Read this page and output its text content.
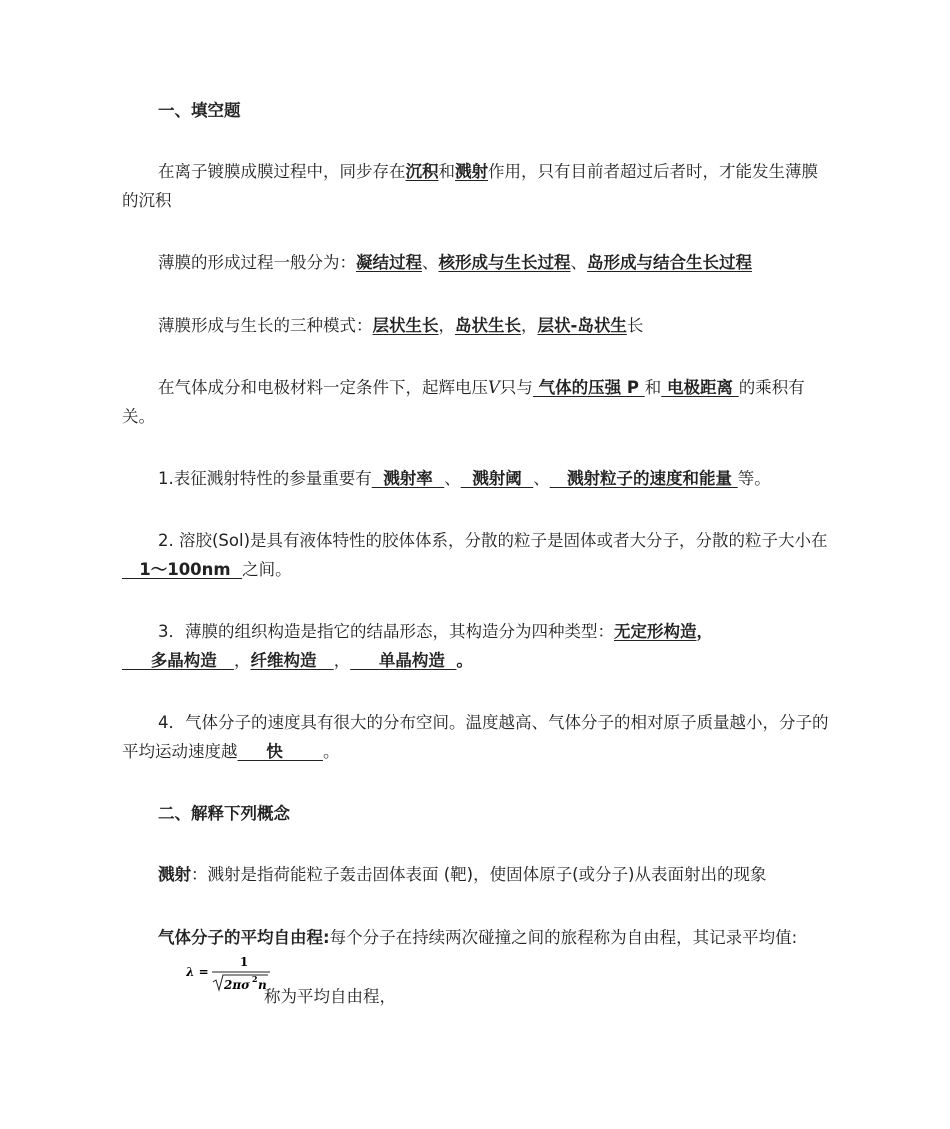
一、填空题
在离子镀膜成膜过程中，同步存在沉积和溅射作用，只有目前者超过后者时，才能发生薄膜的沉积
薄膜的形成过程一般分为：凝结过程、核形成与生长过程、岛形成与结合生长过程
薄膜形成与生长的三种模式：层状生长，岛状生长，层状-岛状生长
在气体成分和电极材料一定条件下，起辉电压V只与 气体的压强 P 和 电极距离 的乘积有关。
1.表征溅射特性的参量重要有  溅射率  、  溅射阈  、   溅射粒子的速度和能量 等。
2. 溶胶(Sol)是具有液体特性的胶体体系，分散的粒子是固体或者大分子，分散的粒子大小在   1～100nm  之间。
3．薄膜的组织构造是指它的结晶形态，其构造分为四种类型：无定形构造，     多晶构造   ，纤维构造   ，     单晶构造  。
4．气体分子的速度具有很大的分布空间。温度越高、气体分子的相对原子质量越小，分子的平均运动速度越     快       。
二、解释下列概念
溅射：溅射是指荷能粒子轰击固体表面 (靶)，使固体原子(或分子)从表面射出的现象
气体分子的平均自由程:每个分子在持续两次碰撞之间的旅程称为自由程，其记录平均值:
λ =
1
2πσ 2 n
称为平均自由程，
